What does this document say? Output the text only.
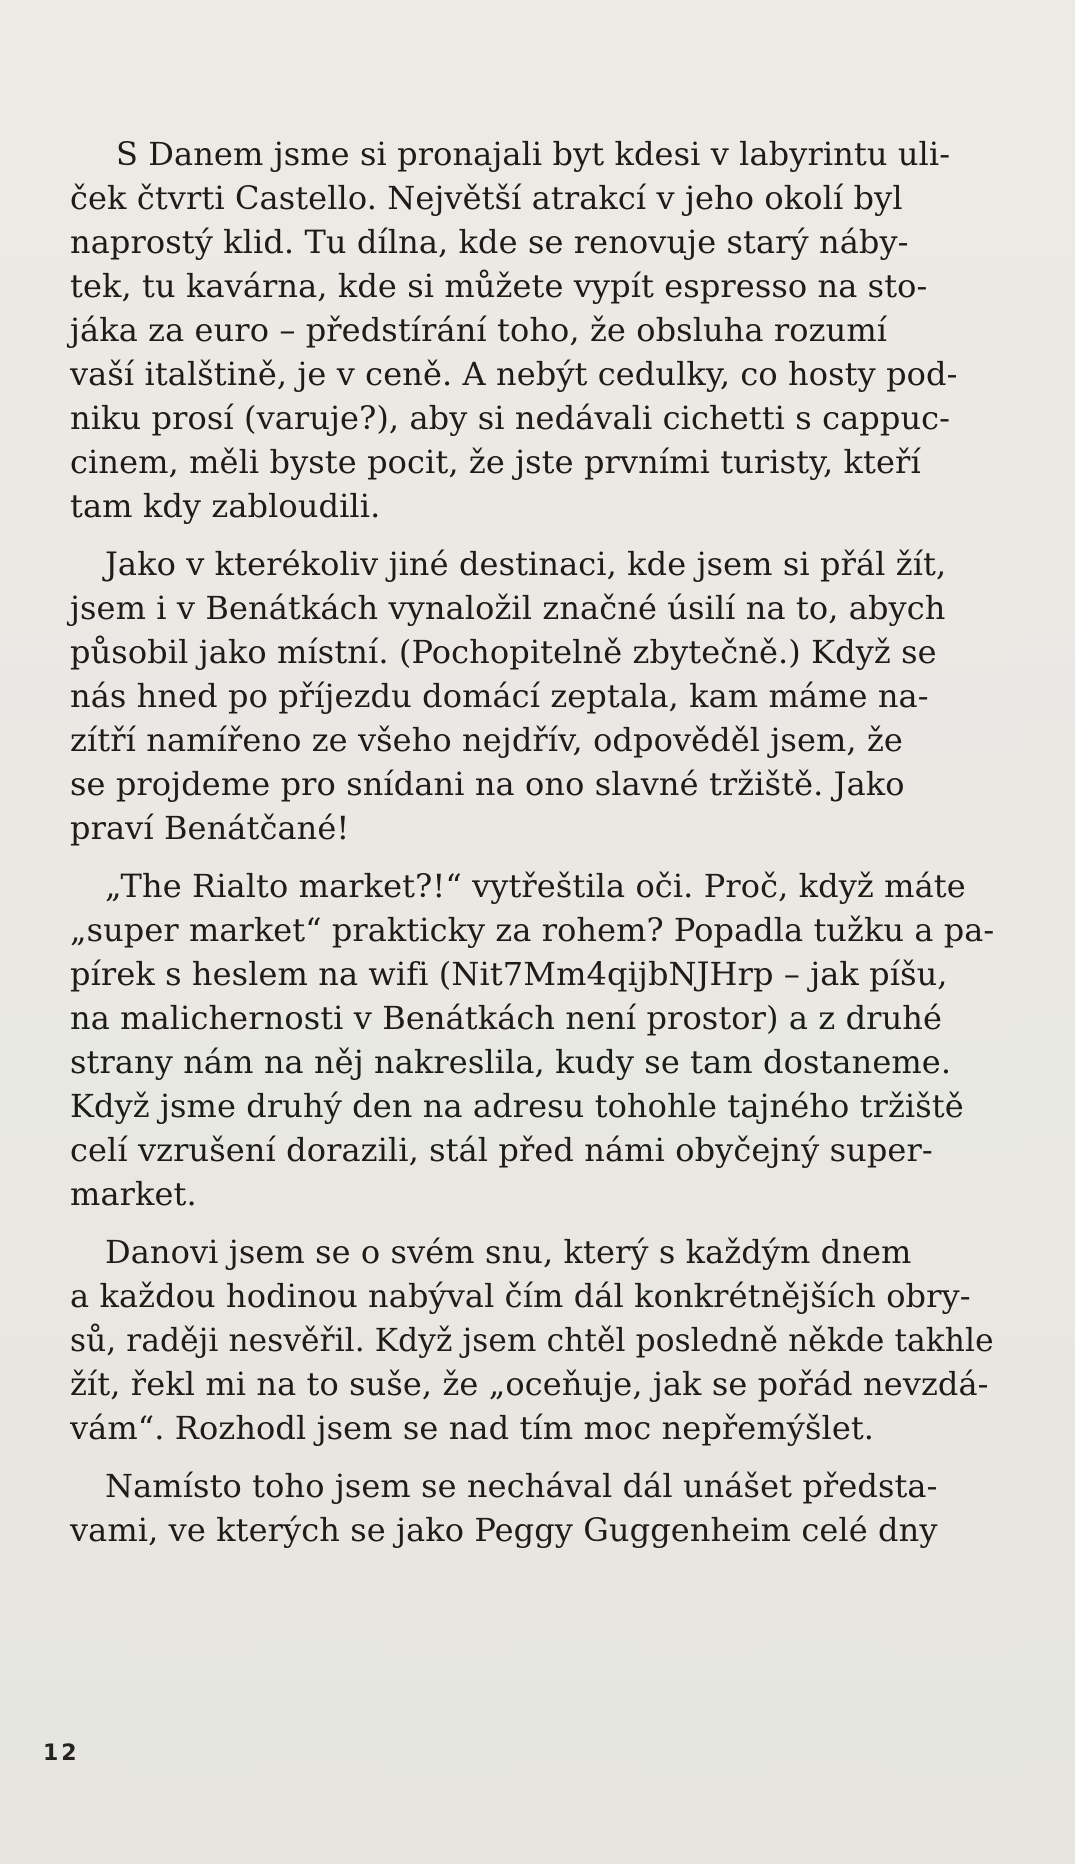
S Danem jsme si pronajali byt kdesi v labyrintu uli-
ček čtvrti Castello. Největší atrakcí v jeho okolí byl
naprostý klid. Tu dílna, kde se renovuje starý náby-
tek, tu kavárna, kde si můžete vypít espresso na sto-
jáka za euro – předstírání toho, že obsluha rozumí
vaší italštině, je v ceně. A nebýt cedulky, co hosty pod-
niku prosí (varuje?), aby si nedávali cichetti s cappuc-
cinem, měli byste pocit, že jste prvními turisty, kteří
tam kdy zabloudili.
Jako v kterékoliv jiné destinaci, kde jsem si přál žít,
jsem i v Benátkách vynaložil značné úsilí na to, abych
působil jako místní. (Pochopitelně zbytečně.) Když se
nás hned po příjezdu domácí zeptala, kam máme na-
zítří namířeno ze všeho nejdřív, odpověděl jsem, že
se projdeme pro snídani na ono slavné tržiště. Jako
praví Benátčané!
„The Rialto market?!“ vytřeštila oči. Proč, když máte
„super market“ prakticky za rohem? Popadla tužku a pa-
pírek s heslem na wifi (Nit7Mm4qijbNJHrp – jak píšu,
na malichernosti v Benátkách není prostor) a z druhé
strany nám na něj nakreslila, kudy se tam dostaneme.
Když jsme druhý den na adresu tohohle tajného tržiště
celí vzrušení dorazili, stál před námi obyčejný super-
market.
Danovi jsem se o svém snu, který s každým dnem
a každou hodinou nabýval čím dál konkrétnějších obry-
sů, raději nesvěřil. Když jsem chtěl posledně někde takhle
žít, řekl mi na to suše, že „oceňuje, jak se pořád nevzdá-
vám“. Rozhodl jsem se nad tím moc nepřemýšlet.
Namísto toho jsem se nechával dál unášet předsta-
vami, ve kterých se jako Peggy Guggenheim celé dny
12
